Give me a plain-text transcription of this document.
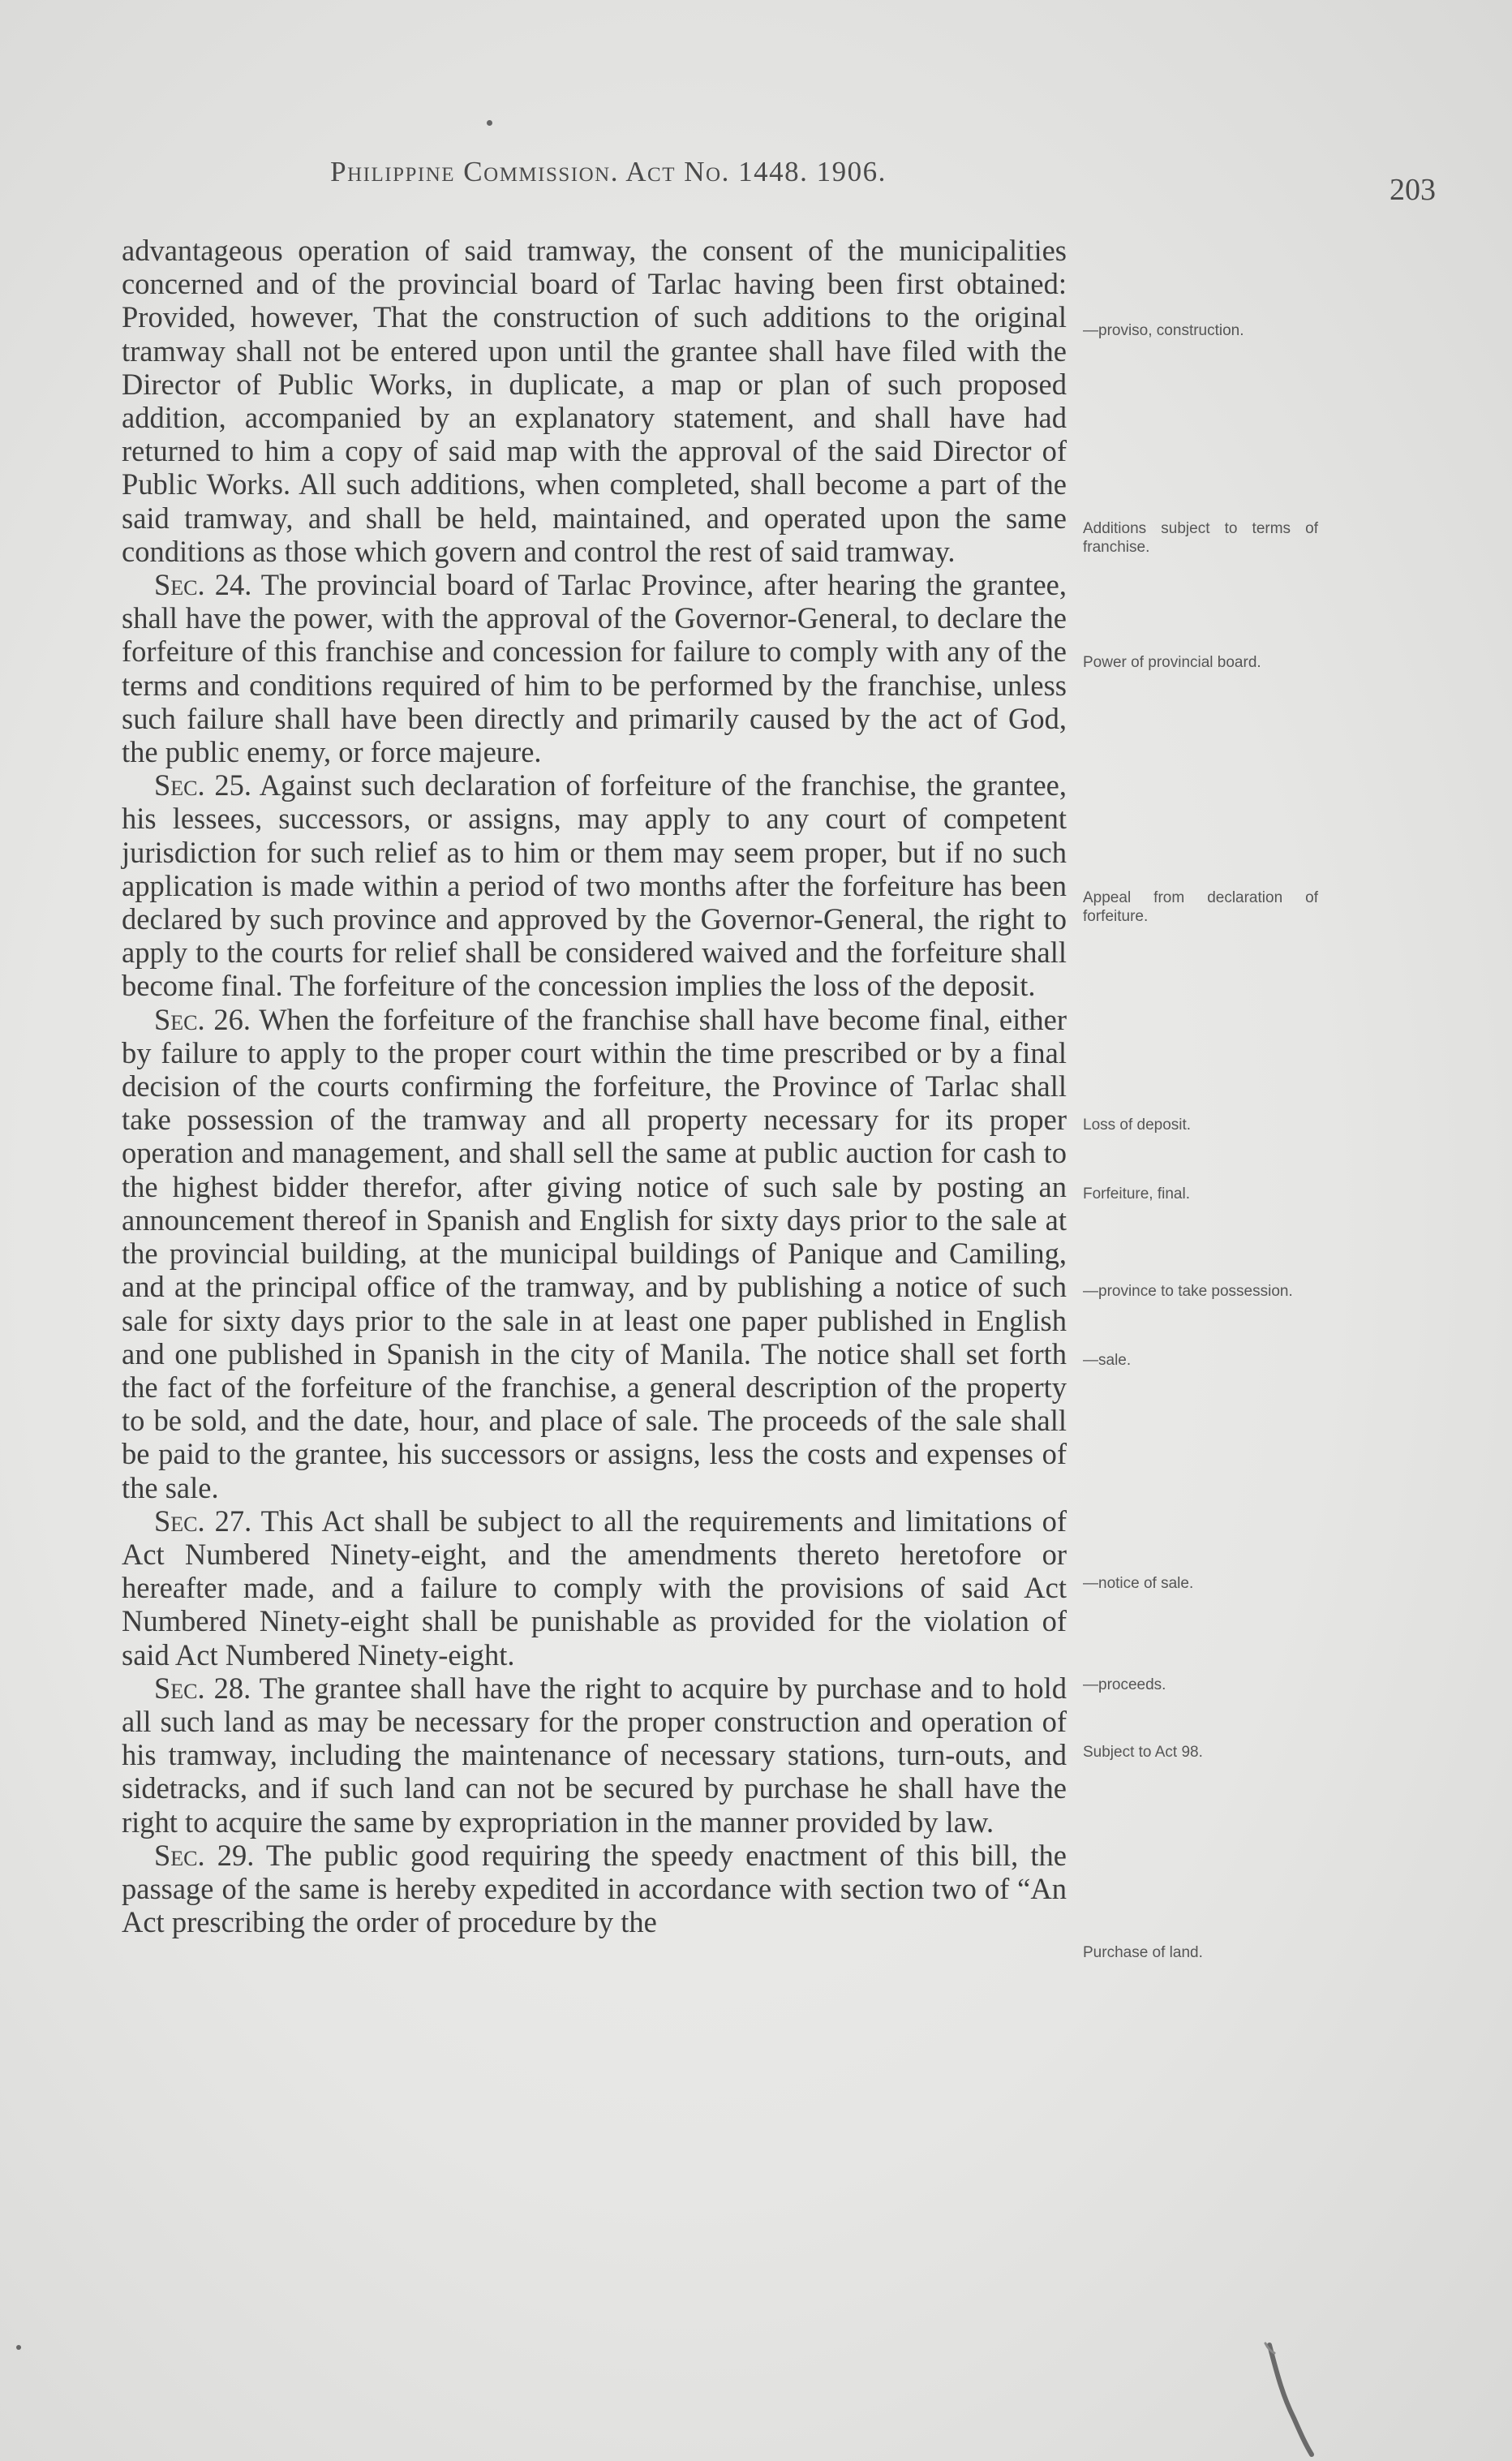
Philippine Commission. Act No. 1448. 1906.
203

advantageous operation of said tramway, the consent of the municipalities concerned and of the provincial board of Tarlac having been first obtained: Provided, however, That the construction of such additions to the original tramway shall not be entered upon until the grantee shall have filed with the Director of Public Works, in duplicate, a map or plan of such proposed addition, accompanied by an explanatory statement, and shall have had returned to him a copy of said map with the approval of the said Director of Public Works. All such additions, when completed, shall become a part of the said tramway, and shall be held, maintained, and operated upon the same conditions as those which govern and control the rest of said tramway.

Sec. 24. The provincial board of Tarlac Province, after hearing the grantee, shall have the power, with the approval of the Governor-General, to declare the forfeiture of this franchise and concession for failure to comply with any of the terms and conditions required of him to be performed by the franchise, unless such failure shall have been directly and primarily caused by the act of God, the public enemy, or force majeure.

Sec. 25. Against such declaration of forfeiture of the franchise, the grantee, his lessees, successors, or assigns, may apply to any court of competent jurisdiction for such relief as to him or them may seem proper, but if no such application is made within a period of two months after the forfeiture has been declared by such province and approved by the Governor-General, the right to apply to the courts for relief shall be considered waived and the forfeiture shall become final. The forfeiture of the concession implies the loss of the deposit.

Sec. 26. When the forfeiture of the franchise shall have become final, either by failure to apply to the proper court within the time prescribed or by a final decision of the courts confirming the forfeiture, the Province of Tarlac shall take possession of the tramway and all property necessary for its proper operation and management, and shall sell the same at public auction for cash to the highest bidder therefor, after giving notice of such sale by posting an announcement thereof in Spanish and English for sixty days prior to the sale at the provincial building, at the municipal buildings of Panique and Camiling, and at the principal office of the tramway, and by publishing a notice of such sale for sixty days prior to the sale in at least one paper published in English and one published in Spanish in the city of Manila. The notice shall set forth the fact of the forfeiture of the franchise, a general description of the property to be sold, and the date, hour, and place of sale. The proceeds of the sale shall be paid to the grantee, his successors or assigns, less the costs and expenses of the sale.

Sec. 27. This Act shall be subject to all the requirements and limitations of Act Numbered Ninety-eight, and the amendments thereto heretofore or hereafter made, and a failure to comply with the provisions of said Act Numbered Ninety-eight shall be punishable as provided for the violation of said Act Numbered Ninety-eight.

Sec. 28. The grantee shall have the right to acquire by purchase and to hold all such land as may be necessary for the proper construction and operation of his tramway, including the maintenance of necessary stations, turn-outs, and sidetracks, and if such land can not be secured by purchase he shall have the right to acquire the same by expropriation in the manner provided by law.

Sec. 29. The public good requiring the speedy enactment of this bill, the passage of the same is hereby expedited in accordance with section two of “An Act prescribing the order of procedure by the

—proviso, construction.
Additions subject to terms of franchise.
Power of provincial board.
Appeal from declaration of forfeiture.
Loss of deposit.
Forfeiture, final.
—province to take possession.
—sale.
—notice of sale.
—proceeds.
Subject to Act 98.
Purchase of land.
